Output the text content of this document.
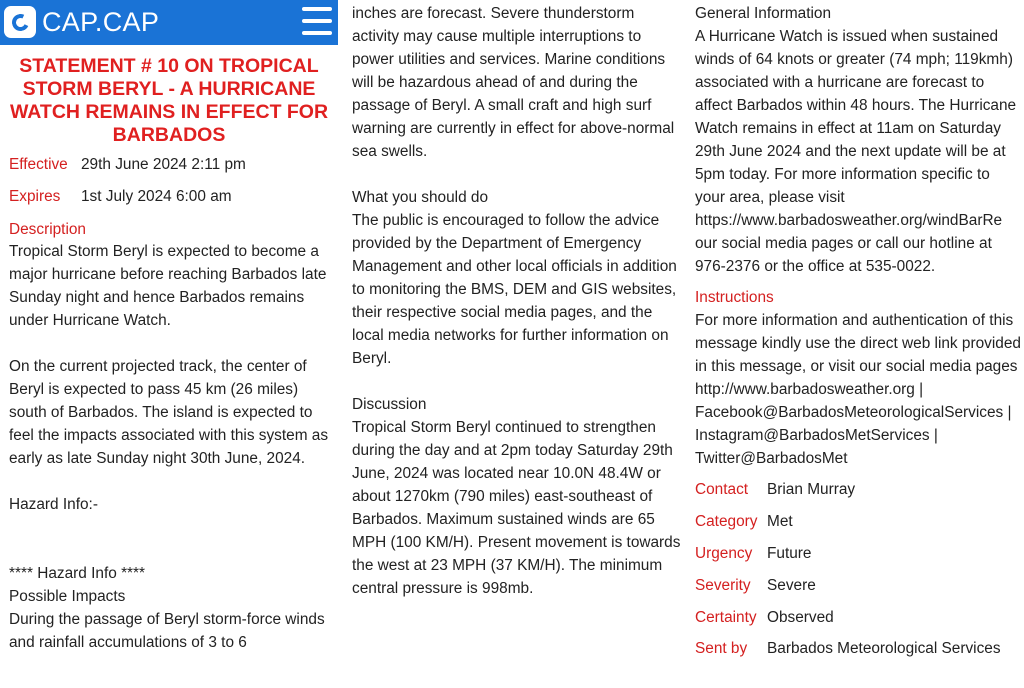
CAP.CAP
STATEMENT # 10 ON TROPICAL STORM BERYL - A HURRICANE WATCH REMAINS IN EFFECT FOR BARBADOS
Effective 29th June 2024 2:11 pm
Expires 1st July 2024 6:00 am
Description
Tropical Storm Beryl is expected to become a major hurricane before reaching Barbados late Sunday night and hence Barbados remains under Hurricane Watch.

On the current projected track, the center of Beryl is expected to pass 45 km (26 miles) south of Barbados. The island is expected to feel the impacts associated with this system as early as late Sunday night 30th June, 2024.

Hazard Info:-

**** Hazard Info ****
Possible Impacts
During the passage of Beryl storm-force winds and rainfall accumulations of 3 to 6
inches are forecast. Severe thunderstorm activity may cause multiple interruptions to power utilities and services. Marine conditions will be hazardous ahead of and during the passage of Beryl. A small craft and high surf warning are currently in effect for above-normal sea swells.

What you should do
The public is encouraged to follow the advice provided by the Department of Emergency Management and other local officials in addition to monitoring the BMS, DEM and GIS websites, their respective social media pages, and the local media networks for further information on Beryl.

Discussion
Tropical Storm Beryl continued to strengthen during the day and at 2pm today Saturday 29th June, 2024 was located near 10.0N 48.4W or about 1270km (790 miles) east-southeast of Barbados. Maximum sustained winds are 65 MPH (100 KM/H). Present movement is towards the west at 23 MPH (37 KM/H). The minimum central pressure is 998mb.
General Information
A Hurricane Watch is issued when sustained winds of 64 knots or greater (74 mph; 119kmh) associated with a hurricane are forecast to affect Barbados within 48 hours. The Hurricane Watch remains in effect at 11am on Saturday 29th June 2024 and the next update will be at 5pm today. For more information specific to your area, please visit https://www.barbadosweather.org/windBarRe our social media pages or call our hotline at 976-2376 or the office at 535-0022.
Instructions
For more information and authentication of this message kindly use the direct web link provided in this message, or visit our social media pages
http://www.barbadosweather.org | Facebook@BarbadosMeteorologicalServices | Instagram@BarbadosMetServices | Twitter@BarbadosMet
Contact	Brian Murray
Category Met
Urgency Future
Severity	Severe
Certainty Observed
Sent by	Barbados Meteorological Services
